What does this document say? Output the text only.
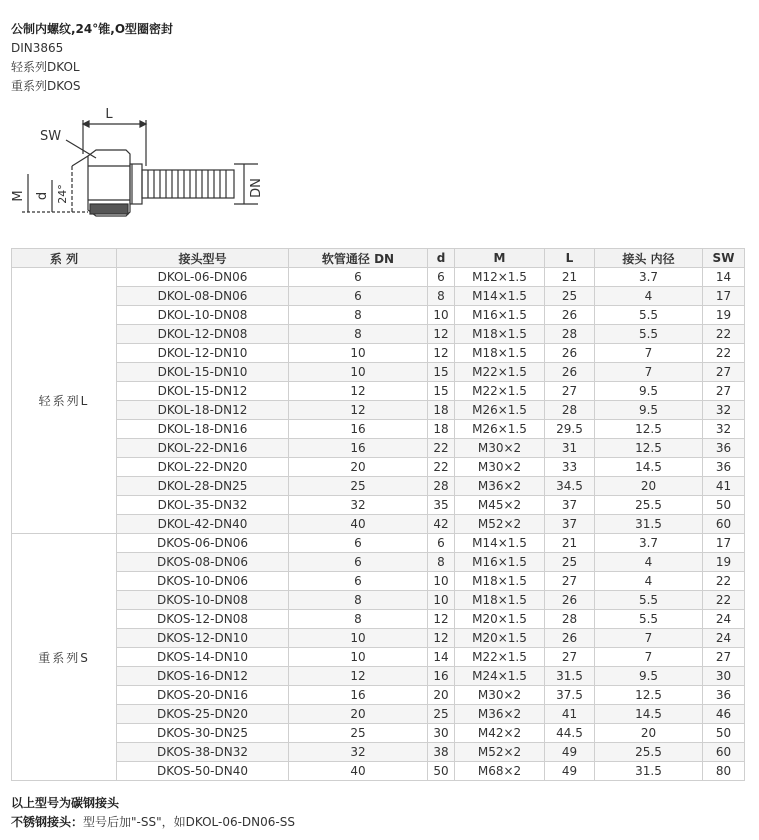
公制内螺纹,24°锥,O型圈密封
DIN3865
轻系列DKOL
重系列DKOS
L
SW
M d 24°	DN
系 列	接头型号	软管通径 DN	d	M	L	接头 内径	SW
轻系列L	DKOL-06-DN06	6	6	M12×1.5	21	3.7	14
	DKOL-08-DN06	6	8	M14×1.5	25	4	17
	DKOL-10-DN08	8	10	M16×1.5	26	5.5	19
	DKOL-12-DN08	8	12	M18×1.5	28	5.5	22
	DKOL-12-DN10	10	12	M18×1.5	26	7	22
	DKOL-15-DN10	10	15	M22×1.5	26	7	27
	DKOL-15-DN12	12	15	M22×1.5	27	9.5	27
	DKOL-18-DN12	12	18	M26×1.5	28	9.5	32
	DKOL-18-DN16	16	18	M26×1.5	29.5	12.5	32
	DKOL-22-DN16	16	22	M30×2	31	12.5	36
	DKOL-22-DN20	20	22	M30×2	33	14.5	36
	DKOL-28-DN25	25	28	M36×2	34.5	20	41
	DKOL-35-DN32	32	35	M45×2	37	25.5	50
	DKOL-42-DN40	40	42	M52×2	37	31.5	60
重系列S	DKOS-06-DN06	6	6	M14×1.5	21	3.7	17
	DKOS-08-DN06	6	8	M16×1.5	25	4	19
	DKOS-10-DN06	6	10	M18×1.5	27	4	22
	DKOS-10-DN08	8	10	M18×1.5	26	5.5	22
	DKOS-12-DN08	8	12	M20×1.5	28	5.5	24
	DKOS-12-DN10	10	12	M20×1.5	26	7	24
	DKOS-14-DN10	10	14	M22×1.5	27	7	27
	DKOS-16-DN12	12	16	M24×1.5	31.5	9.5	30
	DKOS-20-DN16	16	20	M30×2	37.5	12.5	36
	DKOS-25-DN20	20	25	M36×2	41	14.5	46
	DKOS-30-DN25	25	30	M42×2	44.5	20	50
	DKOS-38-DN32	32	38	M52×2	49	25.5	60
	DKOS-50-DN40	40	50	M68×2	49	31.5	80
以上型号为碳钢接头
不锈钢接头：型号后加"-SS"，如DKOL-06-DN06-SS
